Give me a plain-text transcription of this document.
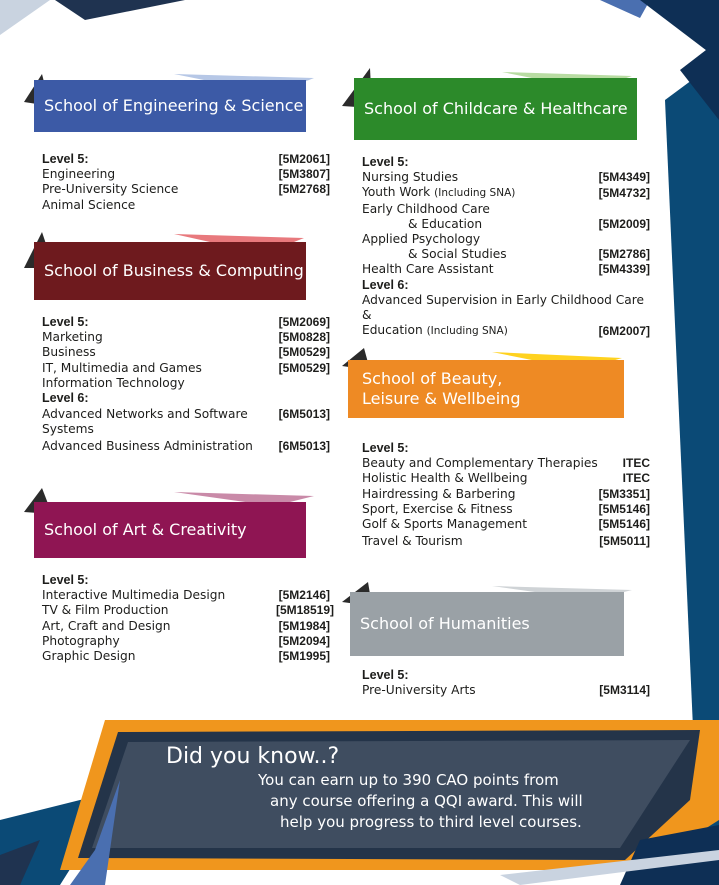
School of Engineering & Science
Level 5:	[5M2061]
Engineering	[5M3807]
Pre-University Science	[5M2768]
Animal Science
School of Business & Computing
Level 5:	[5M2069]
Marketing	[5M0828]
Business	[5M0529]
IT, Multimedia and Games	[5M0529]
Information Technology
Level 6:
Advanced Networks and Software	[6M5013]
Systems
Advanced Business Administration [6M5013]
School of Art & Creativity
Level 5:
Interactive Multimedia Design	[5M2146]
TV & Film Production	[5M18519]
Art, Craft and Design	[5M1984]
Photography	[5M2094]
Graphic Design	[5M1995]
School of Childcare & Healthcare
Level 5:
Nursing Studies	[5M4349]
Youth Work (Including SNA)	[5M4732]
Early Childhood Care
& Education	[5M2009]
Applied Psychology
& Social Studies	[5M2786]
Health Care Assistant	[5M4339]
Level 6:
Advanced Supervision in Early Childhood Care &
Education (Including SNA)	[6M2007]
School of Beauty,
Leisure & Wellbeing
Level 5:
Beauty and Complementary Therapies ITEC
Holistic Health & Wellbeing	ITEC
Hairdressing & Barbering	[5M3351]
Sport, Exercise & Fitness	[5M5146]
Golf & Sports Management	[5M5146]
Travel & Tourism	[5M5011]
School of Humanities
Level 5:
Pre-University Arts	[5M3114]
Did you know..?
You can earn up to 390 CAO points from
any course offering a QQI award. This will
help you progress to third level courses.
